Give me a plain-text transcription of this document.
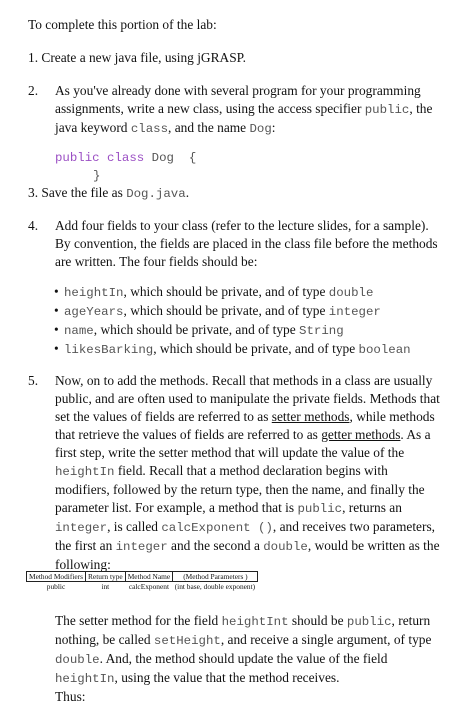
To complete this portion of the lab:
1. Create a new java file, using jGRASP.
2. As you've already done with several program for your programming assignments, write a new class, using the access specifier public, the java keyword class, and the name Dog:
public class Dog  {
}
3. Save the file as Dog.java.
4. Add four fields to your class (refer to the lecture slides, for a sample). By convention, the fields are placed in the class file before the methods are written. The four fields should be:
• heightIn, which should be private, and of type double
• ageYears, which should be private, and of type integer
• name, which should be private, and of type String
• likesBarking, which should be private, and of type boolean
5. Now, on to add the methods. Recall that methods in a class are usually public, and are often used to manipulate the private fields. Methods that set the values of fields are referred to as setter methods, while methods that retrieve the values of fields are referred to as getter methods. As a first step, write the setter method that will update the value of the heightIn field. Recall that a method declaration begins with modifiers, followed by the return type, then the name, and finally the parameter list. For example, a method that is public, returns an integer, is called calcExponent (), and receives two parameters, the first an integer and the second a double, would be written as the following:
Method Modifiers	Return type	Method Name	(Method Parameters )
public	int	calcExponent	(int base, double exponent)
The setter method for the field heightInt should be public, return nothing, be called setHeight, and receive a single argument, of type double. And, the method should update the value of the field heightIn, using the value that the method receives.
Thus:
